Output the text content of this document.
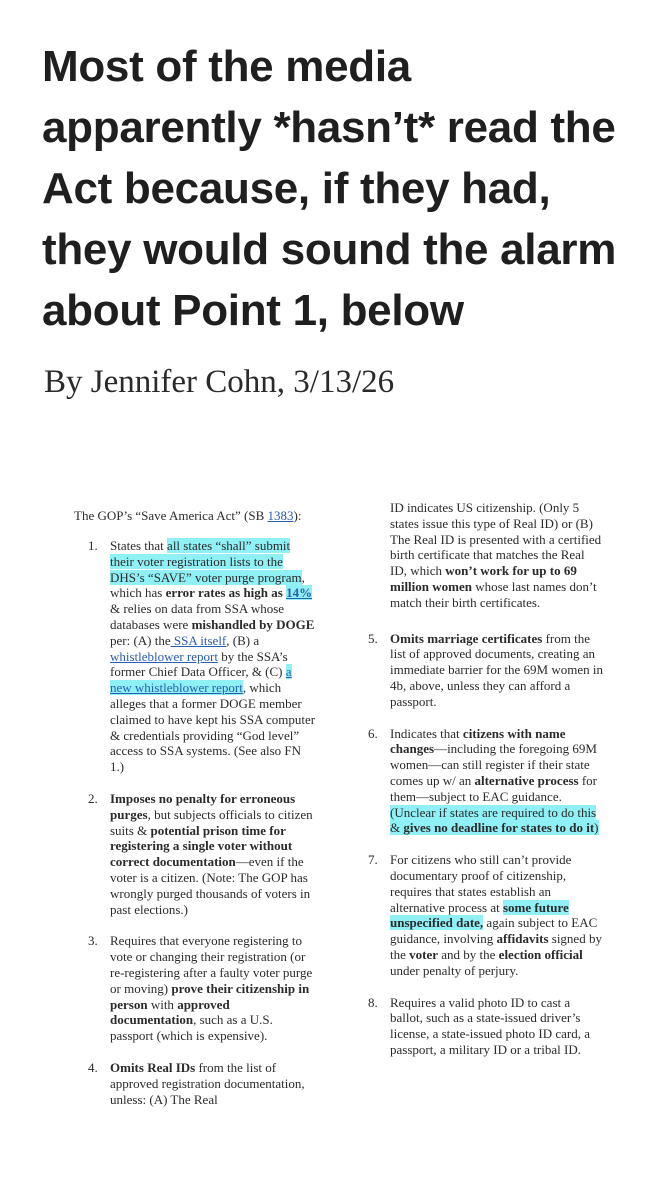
Most of the media apparently *hasn’t* read the Act because, if they had, they would sound the alarm about Point 1, below

By Jennifer Cohn, 3/13/26

The GOP’s “Save America Act” (SB 1383):
1. States that all states “shall” submit their voter registration lists to the DHS’s “SAVE” voter purge program, which has error rates as high as 14% & relies on data from SSA whose databases were mishandled by DOGE per: (A) the SSA itself, (B) a whistleblower report by the SSA’s former Chief Data Officer, & (C) a new whistleblower report, which alleges that a former DOGE member claimed to have kept his SSA computer & credentials providing “God level” access to SSA systems. (See also FN 1.)
2. Imposes no penalty for erroneous purges, but subjects officials to citizen suits & potential prison time for registering a single voter without correct documentation—even if the voter is a citizen. (Note: The GOP has wrongly purged thousands of voters in past elections.)
3. Requires that everyone registering to vote or changing their registration (or re-registering after a faulty voter purge or moving) prove their citizenship in person with approved documentation, such as a U.S. passport (which is expensive).
4. Omits Real IDs from the list of approved registration documentation, unless: (A) The Real
ID indicates US citizenship. (Only 5 states issue this type of Real ID) or (B) The Real ID is presented with a certified birth certificate that matches the Real ID, which won’t work for up to 69 million women whose last names don’t match their birth certificates.
5. Omits marriage certificates from the list of approved documents, creating an immediate barrier for the 69M women in 4b, above, unless they can afford a passport.
6. Indicates that citizens with name changes—including the foregoing 69M women—can still register if their state comes up w/ an alternative process for them—subject to EAC guidance. (Unclear if states are required to do this & gives no deadline for states to do it)
7. For citizens who still can’t provide documentary proof of citizenship, requires that states establish an alternative process at some future unspecified date, again subject to EAC guidance, involving affidavits signed by the voter and by the election official under penalty of perjury.
8. Requires a valid photo ID to cast a ballot, such as a state-issued driver’s license, a state-issued photo ID card, a passport, a military ID or a tribal ID.
